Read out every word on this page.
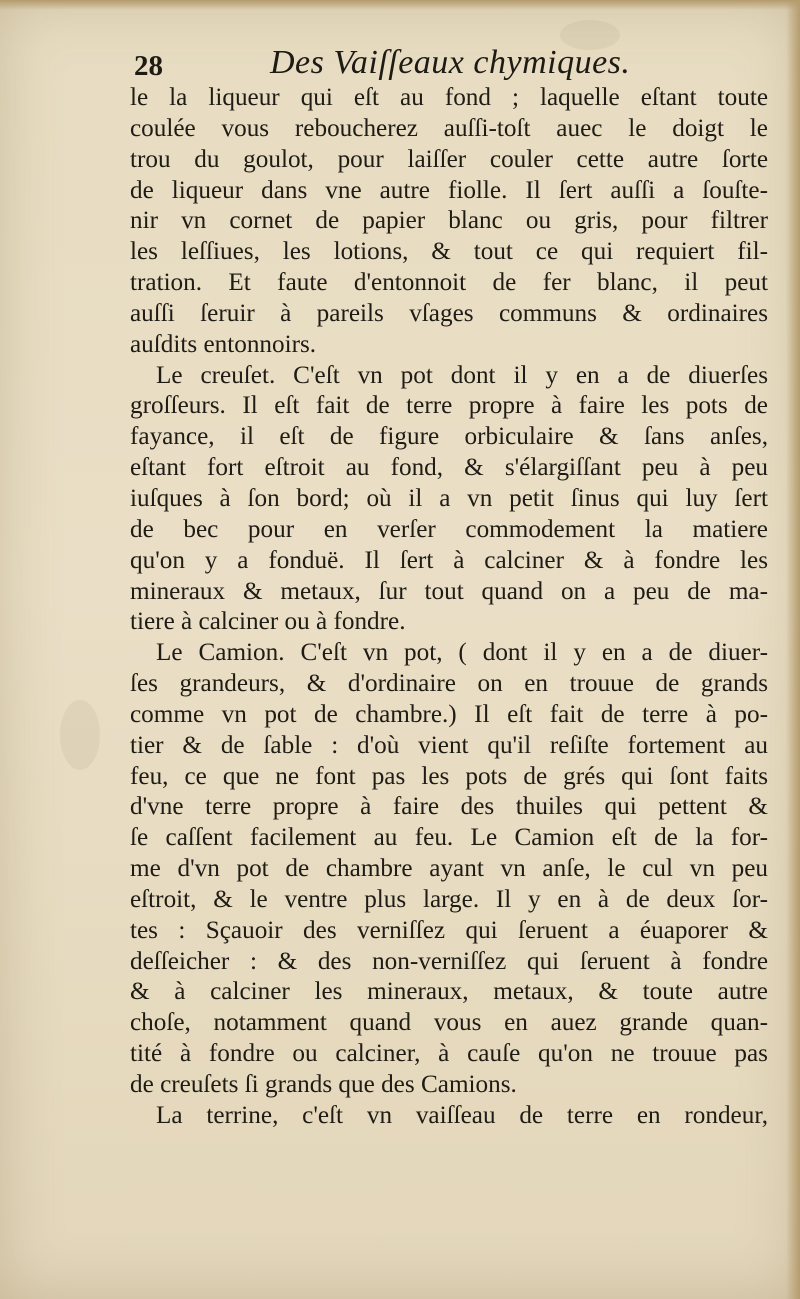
28	Des Vaiſſeaux chymiques.
le la liqueur qui eſt au fond ; laquelle eſtant toute
coulée vous reboucherez auſſi-toſt auec le doigt le
trou du goulot, pour laiſſer couler cette autre ſorte
de liqueur dans vne autre fiolle. Il ſert auſſi a ſouſte-
nir vn cornet de papier blanc ou gris, pour filtrer
les leſſiues, les lotions, & tout ce qui requiert fil-
tration. Et faute d'entonnoit de fer blanc, il peut
auſſi ſeruir à pareils vſages communs & ordinaires
auſdits entonnoirs.
Le creuſet. C'eſt vn pot dont il y en a de diuerſes
groſſeurs. Il eſt fait de terre propre à faire les pots de
fayance, il eſt de figure orbiculaire & ſans anſes,
eſtant fort eſtroit au fond, & s'élargiſſant peu à peu
iuſques à ſon bord; où il a vn petit ſinus qui luy ſert
de bec pour en verſer commodement la matiere
qu'on y a fonduë. Il ſert à calciner & à fondre les
mineraux & metaux, ſur tout quand on a peu de ma-
tiere à calciner ou à fondre.
Le Camion. C'eſt vn pot, ( dont il y en a de diuer-
ſes grandeurs, & d'ordinaire on en trouue de grands
comme vn pot de chambre.) Il eſt fait de terre à po-
tier & de ſable : d'où vient qu'il reſiſte fortement au
feu, ce que ne font pas les pots de grés qui ſont faits
d'vne terre propre à faire des thuiles qui pettent &
ſe caſſent facilement au feu. Le Camion eſt de la for-
me d'vn pot de chambre ayant vn anſe, le cul vn peu
eſtroit, & le ventre plus large. Il y en à de deux ſor-
tes : Sçauoir des verniſſez qui ſeruent a éuaporer &
deſſeicher : & des non-verniſſez qui ſeruent à fondre
& à calciner les mineraux, metaux, & toute autre
choſe, notamment quand vous en auez grande quan-
tité à fondre ou calciner, à cauſe qu'on ne trouue pas
de creuſets ſi grands que des Camions.
La terrine, c'eſt vn vaiſſeau de terre en rondeur,
